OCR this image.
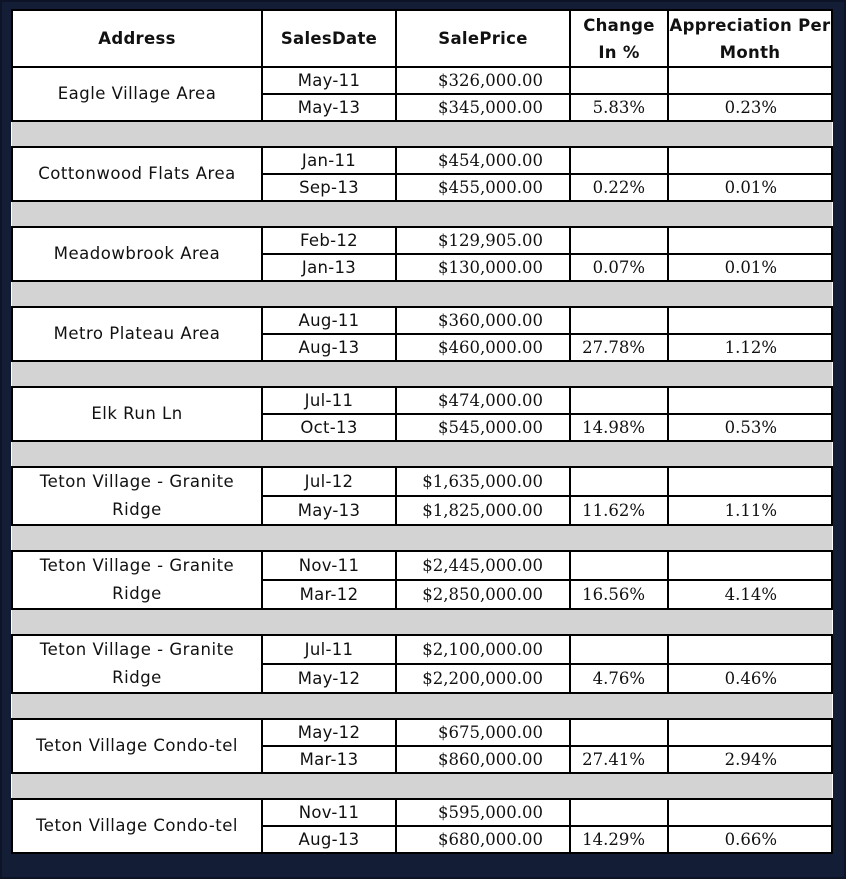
Address	SalesDate	SalePrice	Change In %	Appreciation Per Month
Eagle Village Area	May-11	$326,000.00		
	May-13	$345,000.00	5.83%	0.23%

Cottonwood Flats Area	Jan-11	$454,000.00		
	Sep-13	$455,000.00	0.22%	0.01%

Meadowbrook Area	Feb-12	$129,905.00		
	Jan-13	$130,000.00	0.07%	0.01%

Metro Plateau Area	Aug-11	$360,000.00		
	Aug-13	$460,000.00	27.78%	1.12%

Elk Run Ln	Jul-11	$474,000.00		
	Oct-13	$545,000.00	14.98%	0.53%

Teton Village - Granite Ridge	Jul-12	$1,635,000.00		
	May-13	$1,825,000.00	11.62%	1.11%

Teton Village - Granite Ridge	Nov-11	$2,445,000.00		
	Mar-12	$2,850,000.00	16.56%	4.14%

Teton Village - Granite Ridge	Jul-11	$2,100,000.00		
	May-12	$2,200,000.00	4.76%	0.46%

Teton Village Condo-tel	May-12	$675,000.00		
	Mar-13	$860,000.00	27.41%	2.94%

Teton Village Condo-tel	Nov-11	$595,000.00		
	Aug-13	$680,000.00	14.29%	0.66%
